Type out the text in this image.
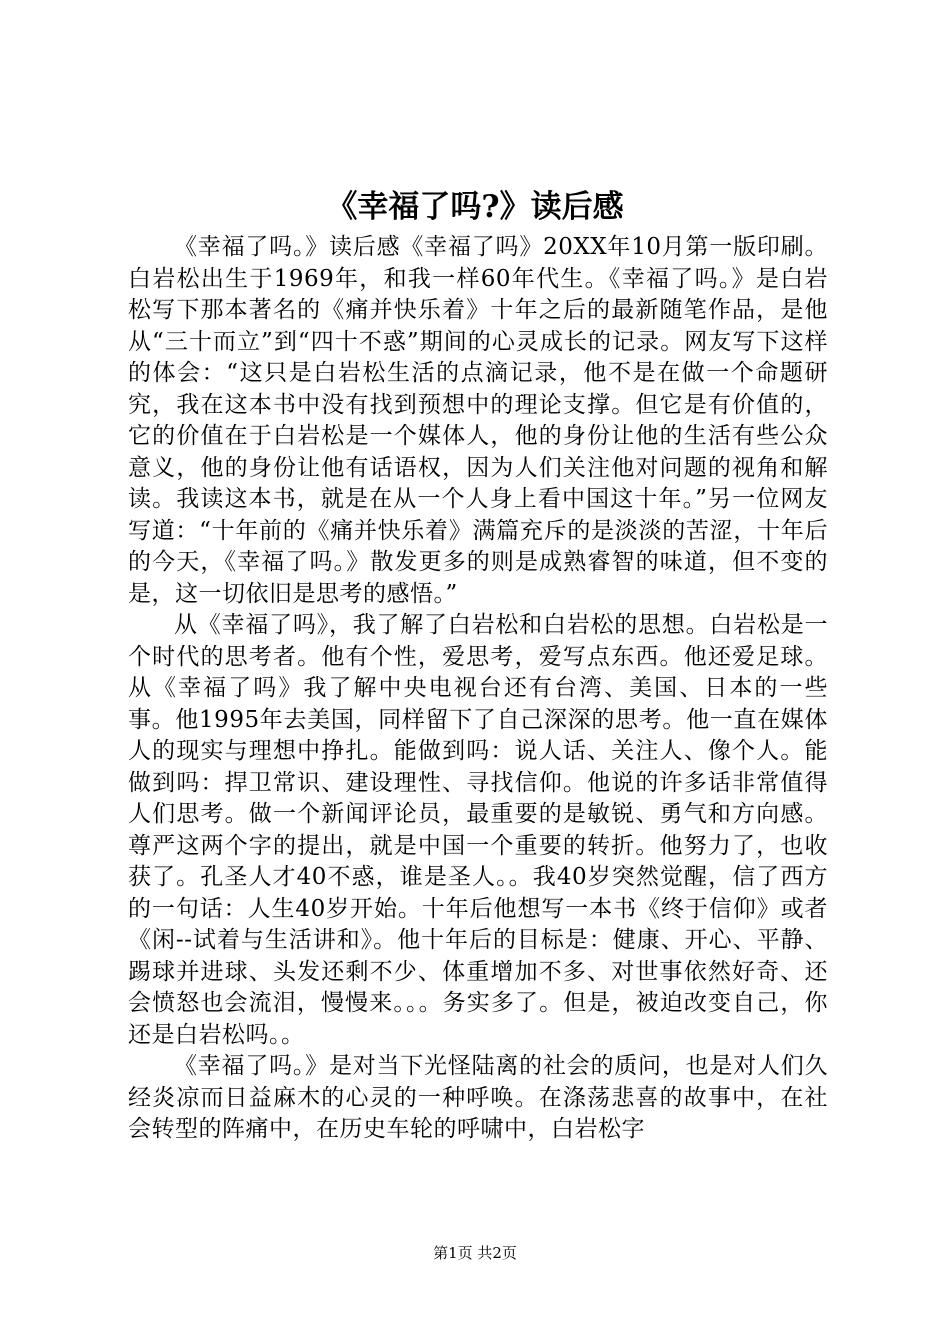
《幸福了吗?》读后感

《幸福了吗。》读后感《幸福了吗》20XX年10月第一版印刷。白岩松出生于1969年，和我一样60年代生。《幸福了吗。》是白岩松写下那本著名的《痛并快乐着》十年之后的最新随笔作品，是他从“三十而立”到“四十不惑”期间的心灵成长的记录。网友写下这样的体会：“这只是白岩松生活的点滴记录，他不是在做一个命题研究，我在这本书中没有找到预想中的理论支撑。但它是有价值的，它的价值在于白岩松是一个媒体人，他的身份让他的生活有些公众意义，他的身份让他有话语权，因为人们关注他对问题的视角和解读。我读这本书，就是在从一个人身上看中国这十年。”另一位网友写道：“十年前的《痛并快乐着》满篇充斥的是淡淡的苦涩，十年后的今天，《幸福了吗。》散发更多的则是成熟睿智的味道，但不变的是，这一切依旧是思考的感悟。”

从《幸福了吗》，我了解了白岩松和白岩松的思想。白岩松是一个时代的思考者。他有个性，爱思考，爱写点东西。他还爱足球。从《幸福了吗》我了解中央电视台还有台湾、美国、日本的一些事。他1995年去美国，同样留下了自己深深的思考。他一直在媒体人的现实与理想中挣扎。能做到吗：说人话、关注人、像个人。能做到吗：捍卫常识、建设理性、寻找信仰。他说的许多话非常值得人们思考。做一个新闻评论员，最重要的是敏锐、勇气和方向感。尊严这两个字的提出，就是中国一个重要的转折。他努力了，也收获了。孔圣人才40不惑，谁是圣人。。我40岁突然觉醒，信了西方的一句话：人生40岁开始。十年后他想写一本书《终于信仰》或者《闲--试着与生活讲和》。他十年后的目标是：健康、开心、平静、踢球并进球、头发还剩不少、体重增加不多、对世事依然好奇、还会愤怒也会流泪，慢慢来。。。务实多了。但是，被迫改变自己，你还是白岩松吗。。

《幸福了吗。》是对当下光怪陆离的社会的质问，也是对人们久经炎凉而日益麻木的心灵的一种呼唤。在涤荡悲喜的故事中，在社会转型的阵痛中，在历史车轮的呼啸中，白岩松字

第1页 共2页
